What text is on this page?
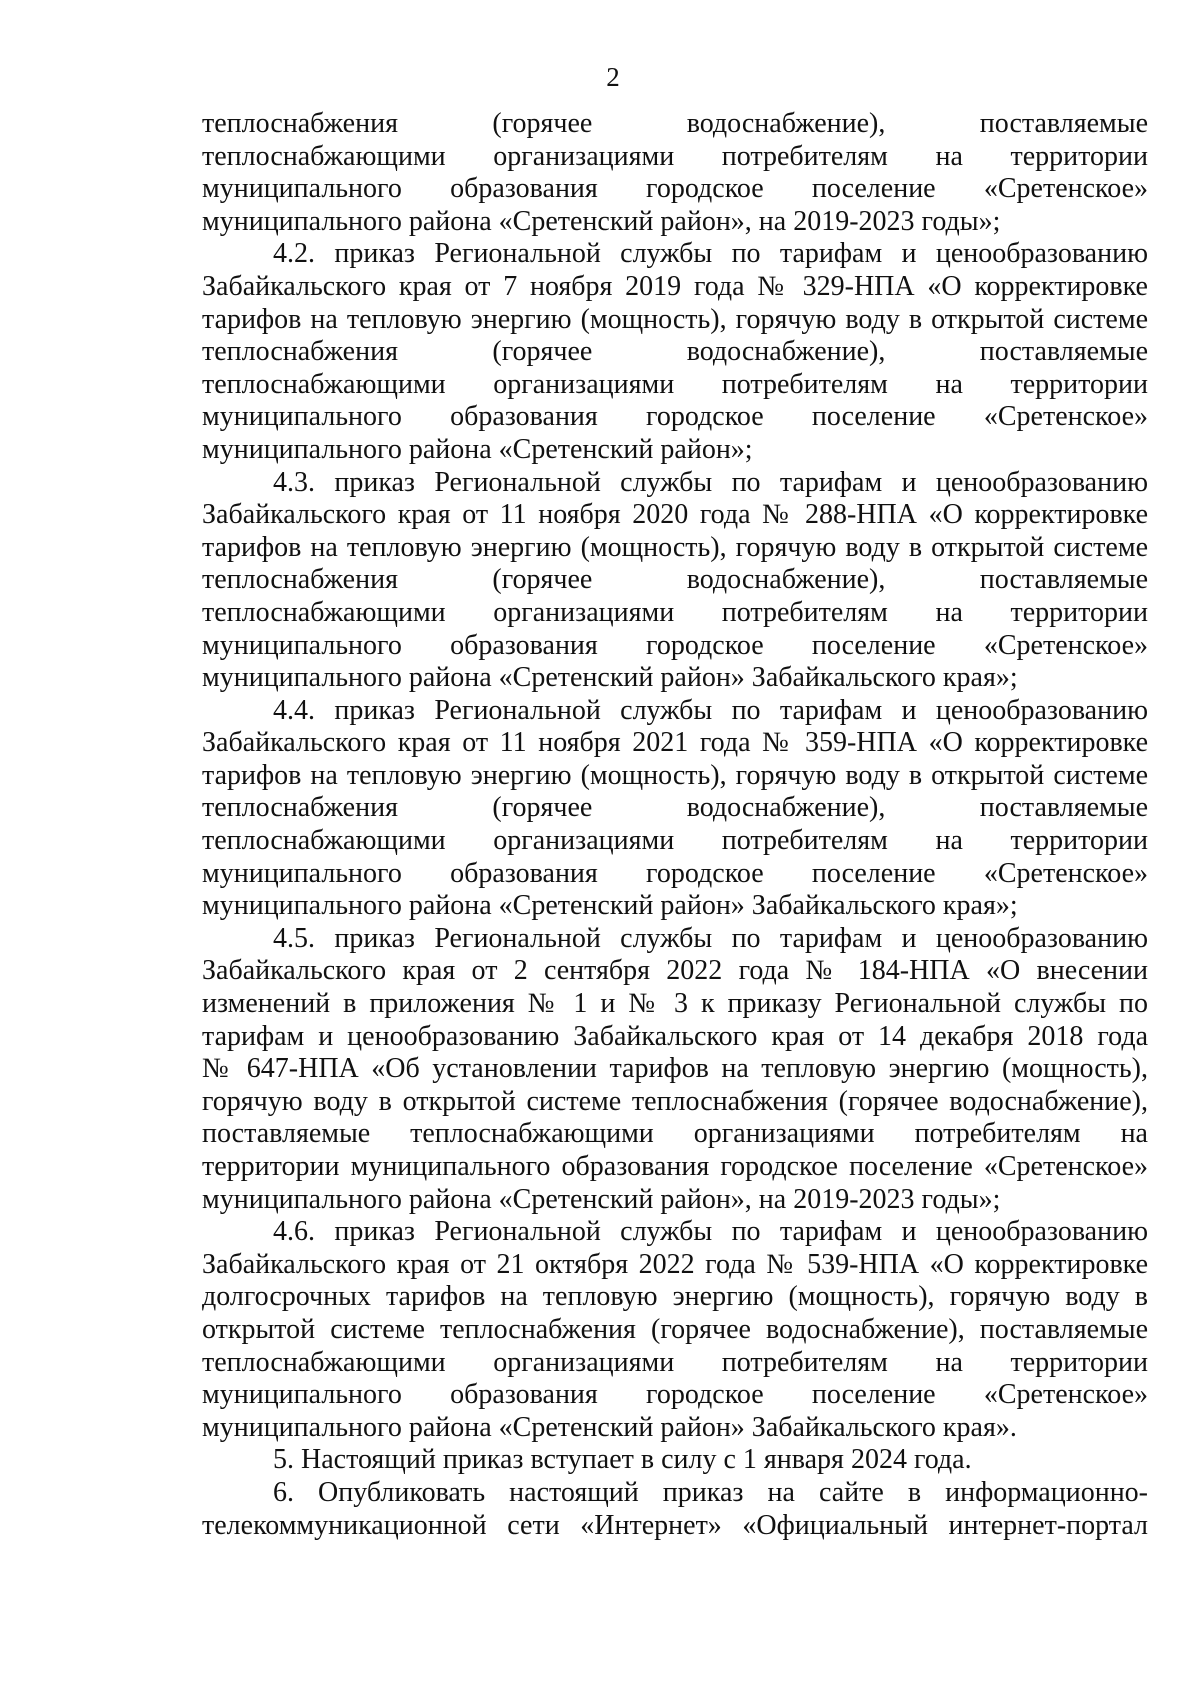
2
теплоснабжения (горячее водоснабжение), поставляемые
теплоснабжающими организациями потребителям на территории
муниципального образования городское поселение «Сретенское»
муниципального района «Сретенский район», на 2019-2023 годы»;
4.2. приказ Региональной службы по тарифам и ценообразованию
Забайкальского края от 7 ноября 2019 года № 329-НПА «О корректировке
тарифов на тепловую энергию (мощность), горячую воду в открытой системе
теплоснабжения (горячее водоснабжение), поставляемые
теплоснабжающими организациями потребителям на территории
муниципального образования городское поселение «Сретенское»
муниципального района «Сретенский район»;
4.3. приказ Региональной службы по тарифам и ценообразованию
Забайкальского края от 11 ноября 2020 года № 288-НПА «О корректировке
тарифов на тепловую энергию (мощность), горячую воду в открытой системе
теплоснабжения (горячее водоснабжение), поставляемые
теплоснабжающими организациями потребителям на территории
муниципального образования городское поселение «Сретенское»
муниципального района «Сретенский район» Забайкальского края»;
4.4. приказ Региональной службы по тарифам и ценообразованию
Забайкальского края от 11 ноября 2021 года № 359-НПА «О корректировке
тарифов на тепловую энергию (мощность), горячую воду в открытой системе
теплоснабжения (горячее водоснабжение), поставляемые
теплоснабжающими организациями потребителям на территории
муниципального образования городское поселение «Сретенское»
муниципального района «Сретенский район» Забайкальского края»;
4.5. приказ Региональной службы по тарифам и ценообразованию
Забайкальского края от 2 сентября 2022 года № 184-НПА «О внесении
изменений в приложения № 1 и № 3 к приказу Региональной службы по
тарифам и ценообразованию Забайкальского края от 14 декабря 2018 года
№ 647-НПА «Об установлении тарифов на тепловую энергию (мощность),
горячую воду в открытой системе теплоснабжения (горячее водоснабжение),
поставляемые теплоснабжающими организациями потребителям на
территории муниципального образования городское поселение «Сретенское»
муниципального района «Сретенский район», на 2019-2023 годы»;
4.6. приказ Региональной службы по тарифам и ценообразованию
Забайкальского края от 21 октября 2022 года № 539-НПА «О корректировке
долгосрочных тарифов на тепловую энергию (мощность), горячую воду в
открытой системе теплоснабжения (горячее водоснабжение), поставляемые
теплоснабжающими организациями потребителям на территории
муниципального образования городское поселение «Сретенское»
муниципального района «Сретенский район» Забайкальского края».
5. Настоящий приказ вступает в силу с 1 января 2024 года.
6. Опубликовать настоящий приказ на сайте в информационно-
телекоммуникационной сети «Интернет» «Официальный интернет-портал
